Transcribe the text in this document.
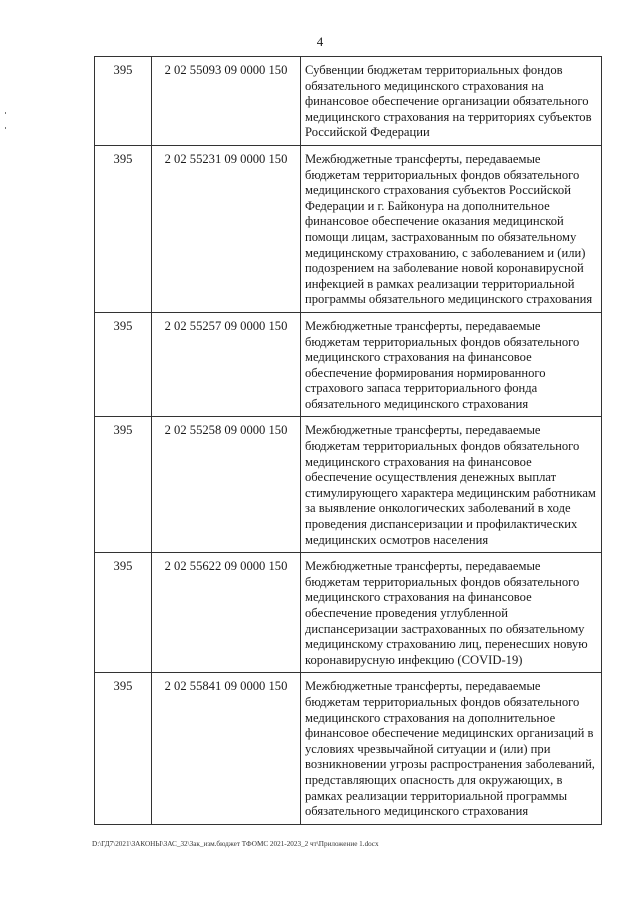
4
395	2 02 55093 09 0000 150	Субвенции бюджетам территориальных фондов обязательного медицинского страхования на финансовое обеспечение организации обязательного медицинского страхования на территориях субъектов Российской Федерации
395	2 02 55231 09 0000 150	Межбюджетные трансферты, передаваемые бюджетам территориальных фондов обязательного медицинского страхования субъектов Российской Федерации и г. Байконура на дополнительное финансовое обеспечение оказания медицинской помощи лицам, застрахованным по обязательному медицинскому страхованию, с заболеванием и (или) подозрением на заболевание новой коронавирусной инфекцией в рамках реализации территориальной программы обязательного медицинского страхования
395	2 02 55257 09 0000 150	Межбюджетные трансферты, передаваемые бюджетам территориальных фондов обязательного медицинского страхования на финансовое обеспечение формирования нормированного страхового запаса территориального фонда обязательного медицинского страхования
395	2 02 55258 09 0000 150	Межбюджетные трансферты, передаваемые бюджетам территориальных фондов обязательного медицинского страхования на финансовое обеспечение осуществления денежных выплат стимулирующего характера медицинским работникам за выявление онкологических заболеваний в ходе проведения диспансеризации и профилактических медицинских осмотров населения
395	2 02 55622 09 0000 150	Межбюджетные трансферты, передаваемые бюджетам территориальных фондов обязательного медицинского страхования на финансовое обеспечение проведения углубленной диспансеризации застрахованных по обязательному медицинскому страхованию лиц, перенесших новую коронавирусную инфекцию (COVID-19)
395	2 02 55841 09 0000 150	Межбюджетные трансферты, передаваемые бюджетам территориальных фондов обязательного медицинского страхования на дополнительное финансовое обеспечение медицинских организаций в условиях чрезвычайной ситуации и (или) при возникновении угрозы распространения заболеваний, представляющих опасность для окружающих, в рамках реализации территориальной программы обязательного медицинского страхования
D:\ГД7\2021\ЗАКОНЫ\ЗАС_32\Зак_изм.бюджет ТФОМС 2021-2023_2 чт\Приложение 1.docx
